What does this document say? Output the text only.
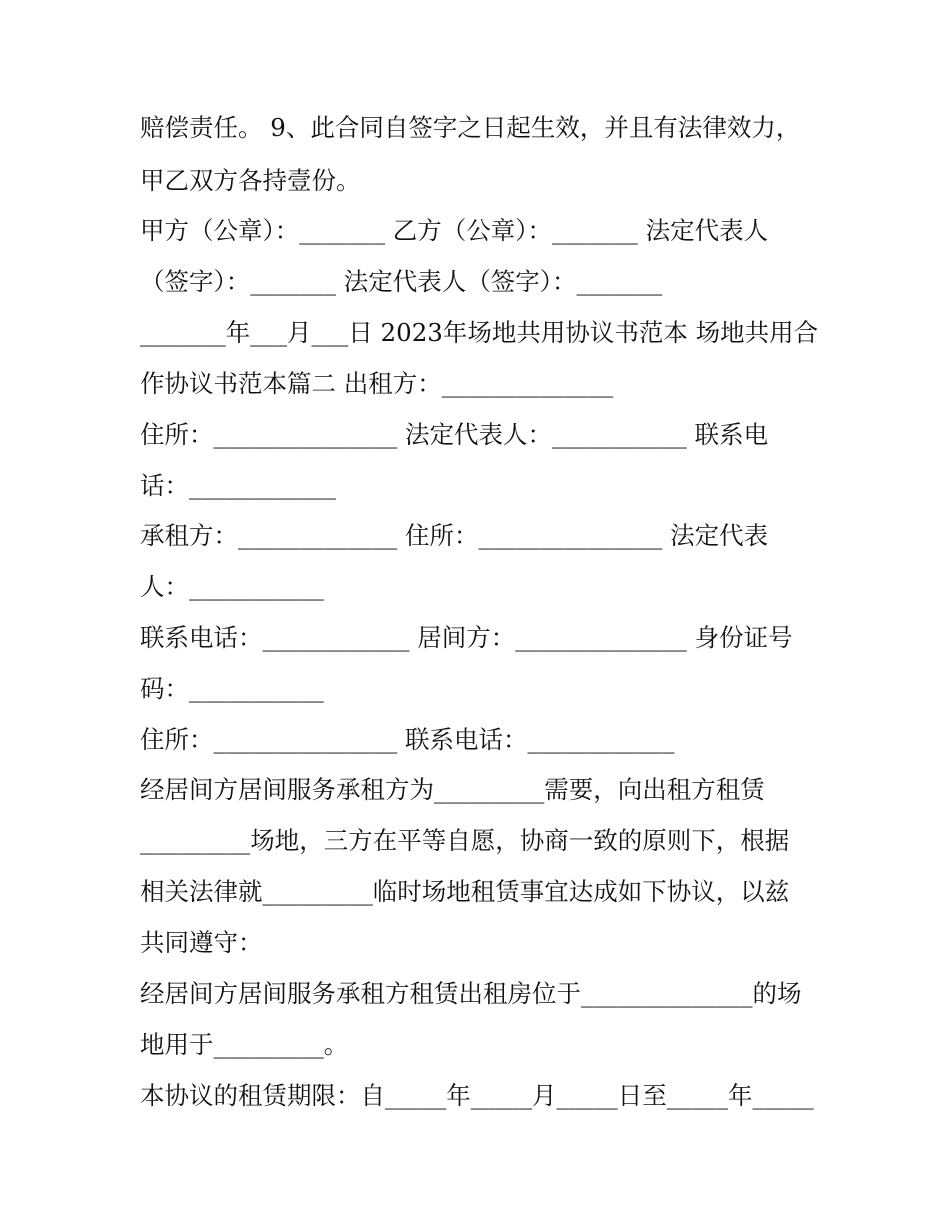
赔偿责任。 9、此合同自签字之日起生效，并且有法律效力，
甲乙双方各持壹份。
甲方（公章）：_______ 乙方（公章）：_______ 法定代表人
（签字）：_______ 法定代表人（签字）：_______
_______年___月___日 2023年场地共用协议书范本 场地共用合
作协议书范本篇二 出租方：______________
住所：_______________ 法定代表人：___________ 联系电
话：____________
承租方：_____________ 住所：_______________ 法定代表
人：___________
联系电话：____________ 居间方：______________ 身份证号
码：___________
住所：_______________ 联系电话：____________
经居间方居间服务承租方为_________需要，向出租方租赁
_________场地，三方在平等自愿，协商一致的原则下，根据
相关法律就_________临时场地租赁事宜达成如下协议，以兹
共同遵守：
经居间方居间服务承租方租赁出租房位于______________的场
地用于_________。
本协议的租赁期限：自_____年_____月_____日至_____年_____
